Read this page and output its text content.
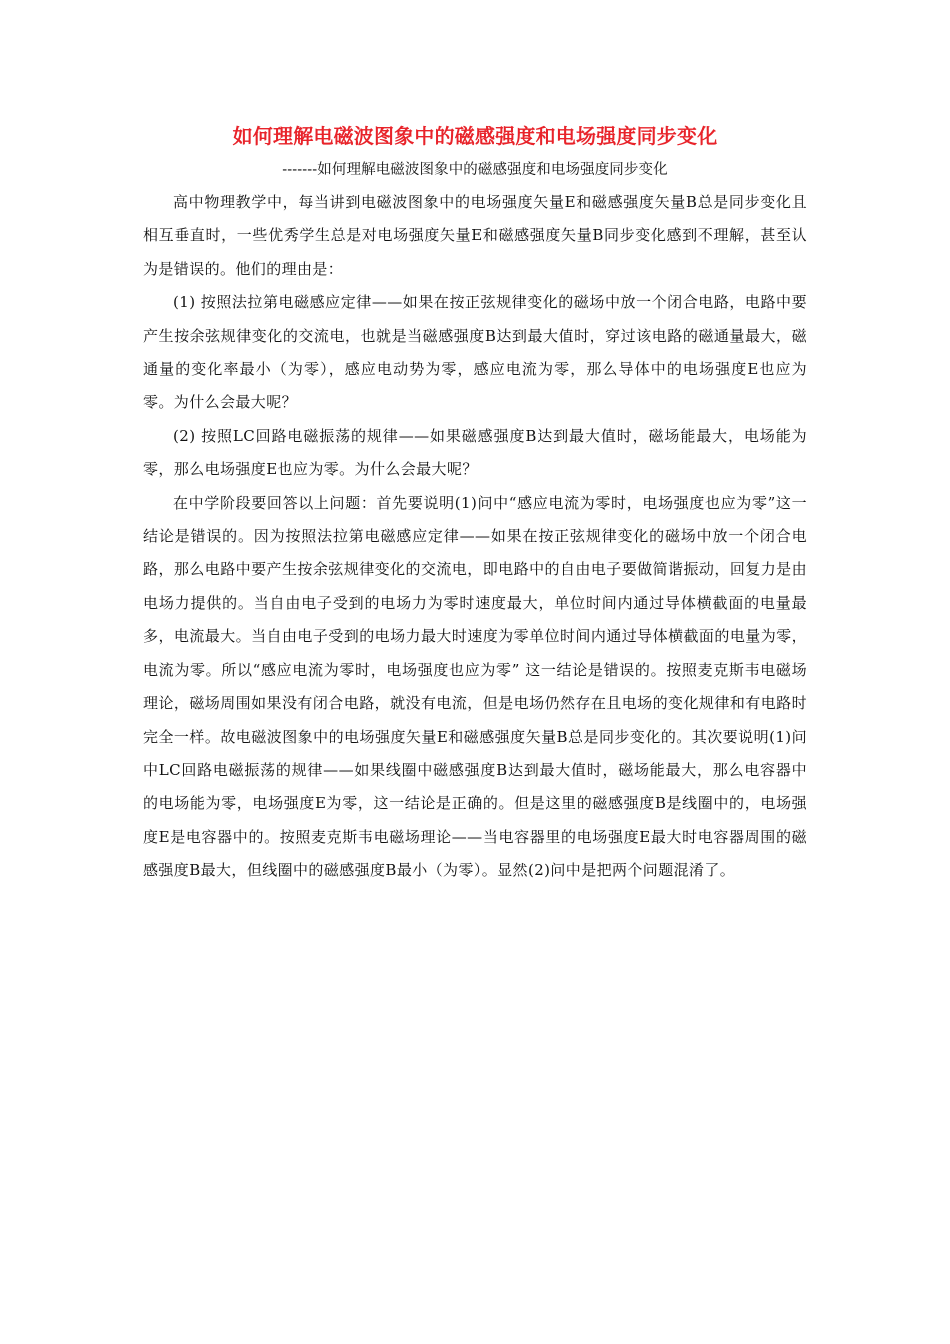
如何理解电磁波图象中的磁感强度和电场强度同步变化

-------如何理解电磁波图象中的磁感强度和电场强度同步变化

高中物理教学中，每当讲到电磁波图象中的电场强度矢量E和磁感强度矢量B总是同步变化且相互垂直时，一些优秀学生总是对电场强度矢量E和磁感强度矢量B同步变化感到不理解，甚至认为是错误的。他们的理由是：

(1) 按照法拉第电磁感应定律——如果在按正弦规律变化的磁场中放一个闭合电路，电路中要产生按余弦规律变化的交流电，也就是当磁感强度B达到最大值时，穿过该电路的磁通量最大，磁通量的变化率最小（为零），感应电动势为零，感应电流为零，那么导体中的电场强度E也应为零。为什么会最大呢？

(2) 按照LC回路电磁振荡的规律——如果磁感强度B达到最大值时，磁场能最大，电场能为零，那么电场强度E也应为零。为什么会最大呢？

在中学阶段要回答以上问题：首先要说明(1)问中“感应电流为零时，电场强度也应为零”这一结论是错误的。因为按照法拉第电磁感应定律——如果在按正弦规律变化的磁场中放一个闭合电路，那么电路中要产生按余弦规律变化的交流电，即电路中的自由电子要做简谐振动，回复力是由电场力提供的。当自由电子受到的电场力为零时速度最大，单位时间内通过导体横截面的电量最多，电流最大。当自由电子受到的电场力最大时速度为零单位时间内通过导体横截面的电量为零，电流为零。所以“感应电流为零时，电场强度也应为零” 这一结论是错误的。按照麦克斯韦电磁场理论，磁场周围如果没有闭合电路，就没有电流，但是电场仍然存在且电场的变化规律和有电路时完全一样。故电磁波图象中的电场强度矢量E和磁感强度矢量B总是同步变化的。其次要说明(1)问中LC回路电磁振荡的规律——如果线圈中磁感强度B达到最大值时，磁场能最大，那么电容器中的电场能为零，电场强度E为零，这一结论是正确的。但是这里的磁感强度B是线圈中的，电场强度E是电容器中的。按照麦克斯韦电磁场理论——当电容器里的电场强度E最大时电容器周围的磁感强度B最大，但线圈中的磁感强度B最小（为零）。显然(2)问中是把两个问题混淆了。
